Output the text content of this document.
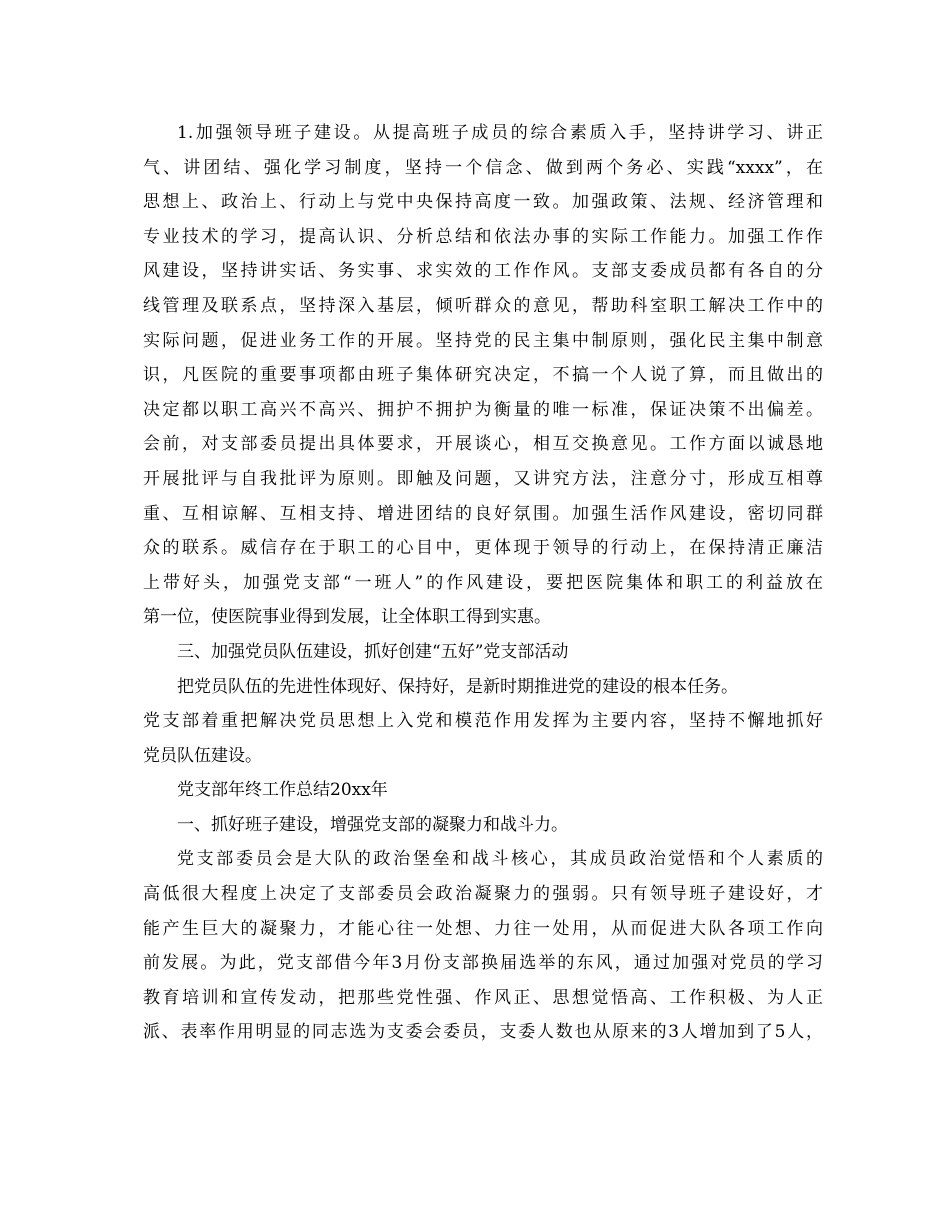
1.加强领导班子建设。从提高班子成员的综合素质入手，坚持讲学习、讲正
气、讲团结、强化学习制度，坚持一个信念、做到两个务必、实践“xxxx”，在
思想上、政治上、行动上与党中央保持高度一致。加强政策、法规、经济管理和
专业技术的学习，提高认识、分析总结和依法办事的实际工作能力。加强工作作
风建设，坚持讲实话、务实事、求实效的工作作风。支部支委成员都有各自的分
线管理及联系点，坚持深入基层，倾听群众的意见，帮助科室职工解决工作中的
实际问题，促进业务工作的开展。坚持党的民主集中制原则，强化民主集中制意
识，凡医院的重要事项都由班子集体研究决定，不搞一个人说了算，而且做出的
决定都以职工高兴不高兴、拥护不拥护为衡量的唯一标准，保证决策不出偏差。
会前，对支部委员提出具体要求，开展谈心，相互交换意见。工作方面以诚恳地
开展批评与自我批评为原则。即触及问题，又讲究方法，注意分寸，形成互相尊
重、互相谅解、互相支持、增进团结的良好氛围。加强生活作风建设，密切同群
众的联系。威信存在于职工的心目中，更体现于领导的行动上，在保持清正廉洁
上带好头，加强党支部“一班人”的作风建设，要把医院集体和职工的利益放在
第一位，使医院事业得到发展，让全体职工得到实惠。
三、加强党员队伍建设，抓好创建“五好”党支部活动
把党员队伍的先进性体现好、保持好，是新时期推进党的建设的根本任务。
党支部着重把解决党员思想上入党和模范作用发挥为主要内容，坚持不懈地抓好
党员队伍建设。
党支部年终工作总结20xx年
一、抓好班子建设，增强党支部的凝聚力和战斗力。
党支部委员会是大队的政治堡垒和战斗核心，其成员政治觉悟和个人素质的
高低很大程度上决定了支部委员会政治凝聚力的强弱。只有领导班子建设好，才
能产生巨大的凝聚力，才能心往一处想、力往一处用，从而促进大队各项工作向
前发展。为此，党支部借今年3月份支部换届选举的东风，通过加强对党员的学习
教育培训和宣传发动，把那些党性强、作风正、思想觉悟高、工作积极、为人正
派、表率作用明显的同志选为支委会委员，支委人数也从原来的3人增加到了5人，
